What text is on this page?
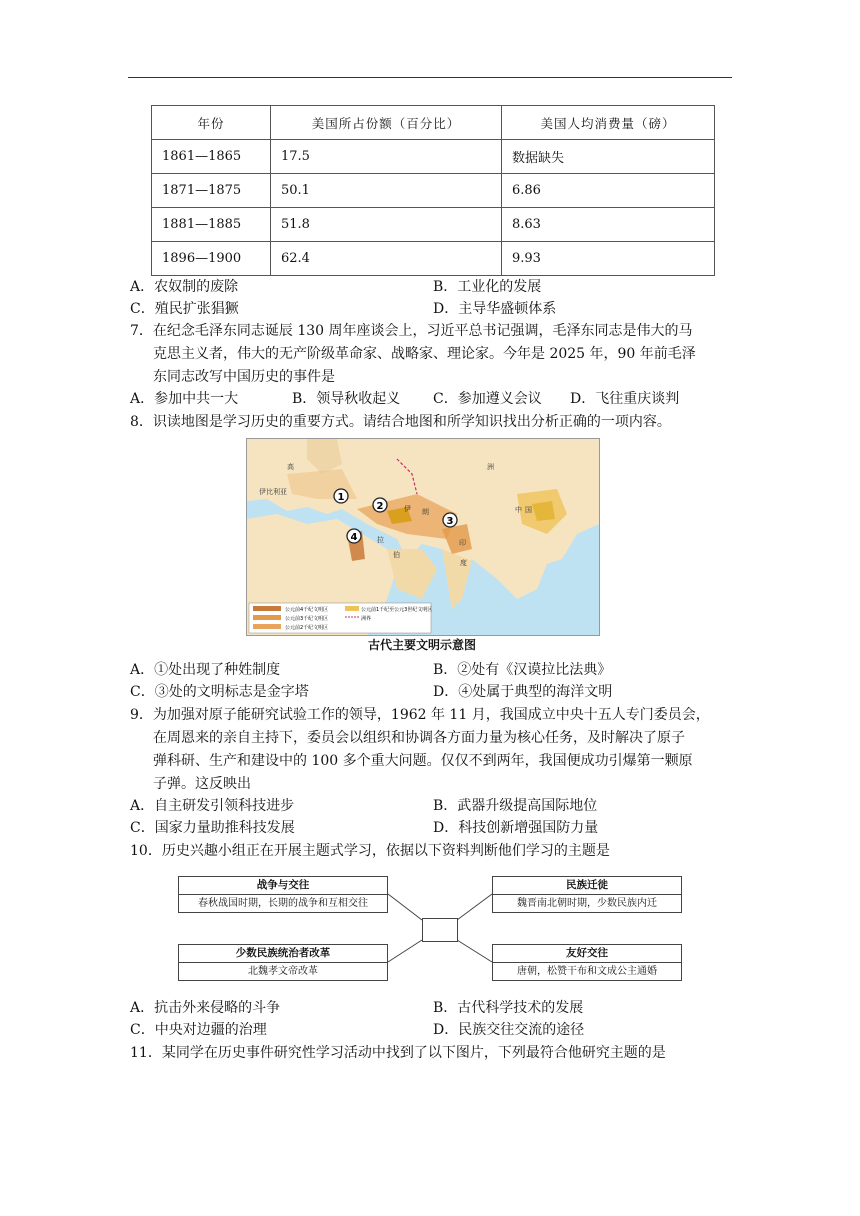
年份	美国所占份额（百分比）	美国人均消费量（磅）
1861—1865	17.5	数据缺失
1871—1875	50.1	6.86
1881—1885	51.8	8.63
1896—1900	62.4	9.93
A．农奴制的废除	B．工业化的发展
C．殖民扩张猖獗	D．主导华盛顿体系
7．在纪念毛泽东同志诞辰 130 周年座谈会上，习近平总书记强调，毛泽东同志是伟大的马
克思主义者，伟大的无产阶级革命家、战略家、理论家。今年是 2025 年，90 年前毛泽
东同志改写中国历史的事件是
A．参加中共一大	B．领导秋收起义 C．参加遵义会议 D．飞往重庆谈判
8．识读地图是学习历史的重要方式。请结合地图和所学知识找出分析正确的一项内容。
1
2
3
4
高
伊比利亚
伊 朗
印
度
中 国
拉
伯
洲
公元前4千纪文明区
公元前3千纪文明区
公元前2千纪文明区
公元前1千纪至公元3世纪文明区
洲界
古代主要文明示意图
A．①处出现了种姓制度	B．②处有《汉谟拉比法典》
C．③处的文明标志是金字塔	D．④处属于典型的海洋文明
9．为加强对原子能研究试验工作的领导，1962 年 11 月，我国成立中央十五人专门委员会，
在周恩来的亲自主持下，委员会以组织和协调各方面力量为核心任务，及时解决了原子
弹科研、生产和建设中的 100 多个重大问题。仅仅不到两年，我国便成功引爆第一颗原
子弹。这反映出
A．自主研发引领科技进步	B．武器升级提高国际地位
C．国家力量助推科技发展	D．科技创新增强国防力量
10．历史兴趣小组正在开展主题式学习，依据以下资料判断他们学习的主题是
战争与交往
春秋战国时期，长期的战争和互相交往
民族迁徙
魏晋南北朝时期，少数民族内迁
少数民族统治者改革
北魏孝文帝改革
友好交往
唐朝，松赞干布和文成公主通婚
A．抗击外来侵略的斗争	B．古代科学技术的发展
C．中央对边疆的治理	D．民族交往交流的途径
11．某同学在历史事件研究性学习活动中找到了以下图片，下列最符合他研究主题的是
